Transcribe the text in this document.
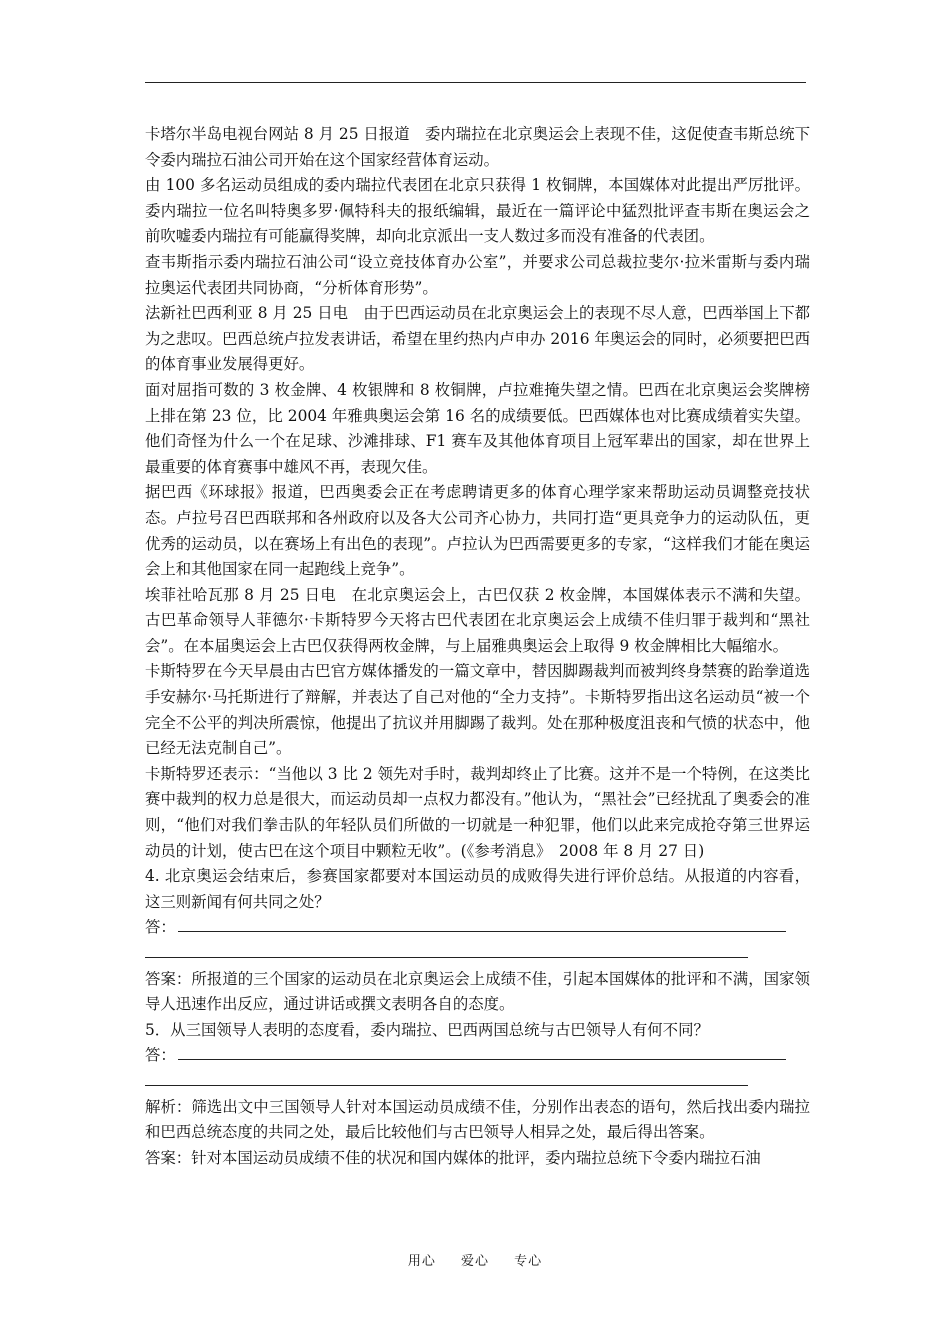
卡塔尔半岛电视台网站 8 月 25 日报道　委内瑞拉在北京奥运会上表现不佳，这促使查韦斯总统下令委内瑞拉石油公司开始在这个国家经营体育运动。

由 100 多名运动员组成的委内瑞拉代表团在北京只获得 1 枚铜牌，本国媒体对此提出严厉批评。委内瑞拉一位名叫特奥多罗·佩特科夫的报纸编辑，最近在一篇评论中猛烈批评查韦斯在奥运会之前吹嘘委内瑞拉有可能赢得奖牌，却向北京派出一支人数过多而没有准备的代表团。

查韦斯指示委内瑞拉石油公司“设立竞技体育办公室”，并要求公司总裁拉斐尔·拉米雷斯与委内瑞拉奥运代表团共同协商，“分析体育形势”。

法新社巴西利亚 8 月 25 日电　由于巴西运动员在北京奥运会上的表现不尽人意，巴西举国上下都为之悲叹。巴西总统卢拉发表讲话，希望在里约热内卢申办 2016 年奥运会的同时，必须要把巴西的体育事业发展得更好。

面对屈指可数的 3 枚金牌、4 枚银牌和 8 枚铜牌，卢拉难掩失望之情。巴西在北京奥运会奖牌榜上排在第 23 位，比 2004 年雅典奥运会第 16 名的成绩要低。巴西媒体也对比赛成绩着实失望。他们奇怪为什么一个在足球、沙滩排球、F1 赛车及其他体育项目上冠军辈出的国家，却在世界上最重要的体育赛事中雄风不再，表现欠佳。

据巴西《环球报》报道，巴西奥委会正在考虑聘请更多的体育心理学家来帮助运动员调整竞技状态。卢拉号召巴西联邦和各州政府以及各大公司齐心协力，共同打造“更具竞争力的运动队伍，更优秀的运动员，以在赛场上有出色的表现”。卢拉认为巴西需要更多的专家，“这样我们才能在奥运会上和其他国家在同一起跑线上竞争”。

埃菲社哈瓦那 8 月 25 日电　在北京奥运会上，古巴仅获 2 枚金牌，本国媒体表示不满和失望。古巴革命领导人菲德尔·卡斯特罗今天将古巴代表团在北京奥运会上成绩不佳归罪于裁判和“黑社会”。在本届奥运会上古巴仅获得两枚金牌，与上届雅典奥运会上取得 9 枚金牌相比大幅缩水。

卡斯特罗在今天早晨由古巴官方媒体播发的一篇文章中，替因脚踢裁判而被判终身禁赛的跆拳道选手安赫尔·马托斯进行了辩解，并表达了自己对他的“全力支持”。卡斯特罗指出这名运动员“被一个完全不公平的判决所震惊，他提出了抗议并用脚踢了裁判。处在那种极度沮丧和气愤的状态中，他已经无法克制自己”。

卡斯特罗还表示：“当他以 3 比 2 领先对手时，裁判却终止了比赛。这并不是一个特例，在这类比赛中裁判的权力总是很大，而运动员却一点权力都没有。”他认为，“黑社会”已经扰乱了奥委会的准则，“他们对我们拳击队的年轻队员们所做的一切就是一种犯罪，他们以此来完成抢夺第三世界运动员的计划，使古巴在这个项目中颗粒无收”。(《参考消息》　2008 年 8 月 27 日)

4. 北京奥运会结束后，参赛国家都要对本国运动员的成败得失进行评价总结。从报道的内容看，这三则新闻有何共同之处？

答：

答案：所报道的三个国家的运动员在北京奥运会上成绩不佳，引起本国媒体的批评和不满，国家领导人迅速作出反应，通过讲话或撰文表明各自的态度。

5．从三国领导人表明的态度看，委内瑞拉、巴西两国总统与古巴领导人有何不同？

答：

解析：筛选出文中三国领导人针对本国运动员成绩不佳，分别作出表态的语句，然后找出委内瑞拉和巴西总统态度的共同之处，最后比较他们与古巴领导人相异之处，最后得出答案。

答案：针对本国运动员成绩不佳的状况和国内媒体的批评，委内瑞拉总统下令委内瑞拉石油

用心 爱心 专心
